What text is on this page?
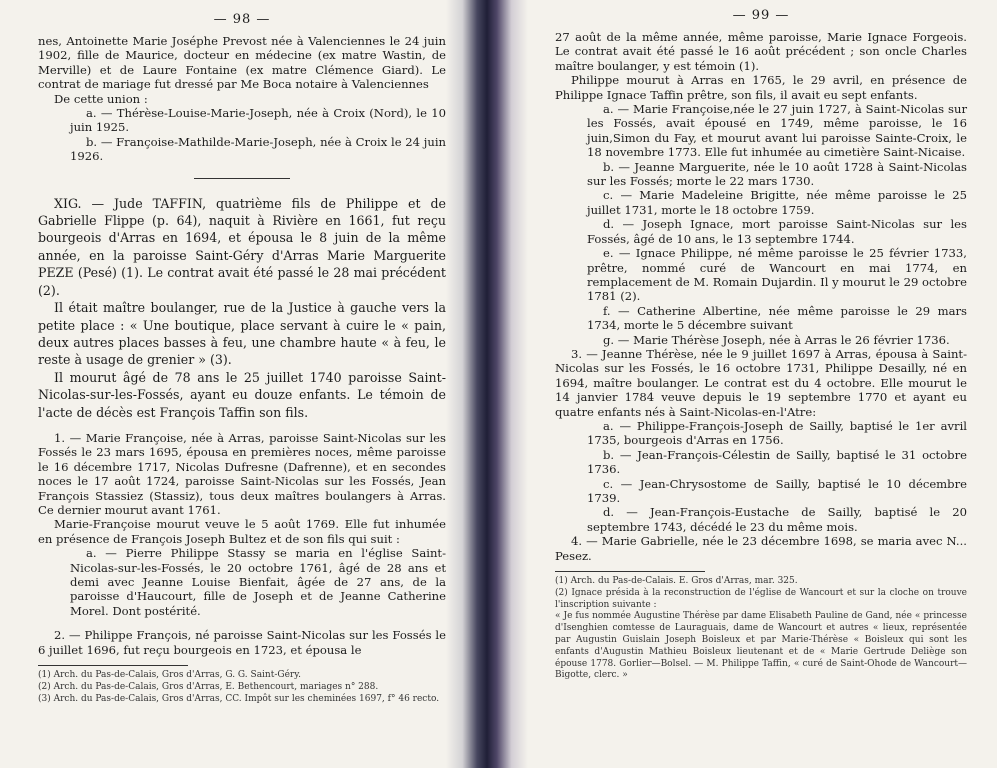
— 98 —

nes, Antoinette Marie Joséphe Prevost née à Valenciennes le 24 juin 1902, fille de Maurice, docteur en médecine (ex matre Wastin, de Merville) et de Laure Fontaine (ex matre Clémence Giard). Le contrat de mariage fut dressé par Me Boca notaire à Valenciennes

De cette union :

a. — Thérèse-Louise-Marie-Joseph, née à Croix (Nord), le 10 juin 1925.

b. — Françoise-Mathilde-Marie-Joseph, née à Croix le 24 juin 1926.

XIG. — Jude TAFFIN, quatrième fils de Philippe et de Gabrielle Flippe (p. 64), naquit à Rivière en 1661, fut reçu bourgeois d'Arras en 1694, et épousa le 8 juin de la même année, en la paroisse Saint-Géry d'Arras Marie Marguerite PEZE (Pesé) (1). Le contrat avait été passé le 28 mai précédent (2).

Il était maître boulanger, rue de la Justice à gauche vers la petite place : « Une boutique, place servant à cuire le « pain, deux autres places basses à feu, une chambre haute « à feu, le reste à usage de grenier » (3).

Il mourut âgé de 78 ans le 25 juillet 1740 paroisse Saint-Nicolas-sur-les-Fossés, ayant eu douze enfants. Le témoin de l'acte de décès est François Taffin son fils.

1. — Marie Françoise, née à Arras, paroisse Saint-Nicolas sur les Fossés le 23 mars 1695, épousa en premières noces, même paroisse le 16 décembre 1717, Nicolas Dufresne (Dafrenne), et en secondes noces le 17 août 1724, paroisse Saint-Nicolas sur les Fossés, Jean François Stassiez (Stassiz), tous deux maîtres boulangers à Arras. Ce dernier mourut avant 1761.

Marie-Françoise mourut veuve le 5 août 1769. Elle fut inhumée en présence de François Joseph Bultez et de son fils qui suit :

a. — Pierre Philippe Stassy se maria en l'église Saint-Nicolas-sur-les-Fossés, le 20 octobre 1761, âgé de 28 ans et demi avec Jeanne Louise Bienfait, âgée de 27 ans, de la paroisse d'Haucourt, fille de Joseph et de Jeanne Catherine Morel. Dont postérité.

2. — Philippe François, né paroisse Saint-Nicolas sur les Fossés le 6 juillet 1696, fut reçu bourgeois en 1723, et épousa le

(1) Arch. du Pas-de-Calais, Gros d'Arras, G. G. Saint-Géry.

(2) Arch. du Pas-de-Calais, Gros d'Arras, E. Bethencourt, mariages n° 288.

(3) Arch. du Pas-de-Calais, Gros d'Arras, CC. Impôt sur les cheminées 1697, f° 46 recto.

— 99 —

27 août de la même année, même paroisse, Marie Ignace Forgeois. Le contrat avait été passé le 16 août précédent ; son oncle Charles maître boulanger, y est témoin (1).

Philippe mourut à Arras en 1765, le 29 avril, en présence de Philippe Ignace Taffin prêtre, son fils, il avait eu sept enfants.

a. — Marie Françoise,née le 27 juin 1727, à Saint-Nicolas sur les Fossés, avait épousé en 1749, même paroisse, le 16 juin,Simon du Fay, et mourut avant lui paroisse Sainte-Croix, le 18 novembre 1773. Elle fut inhumée au cimetière Saint-Nicaise.

b. — Jeanne Marguerite, née le 10 août 1728 à Saint-Nicolas sur les Fossés; morte le 22 mars 1730.

c. — Marie Madeleine Brigitte, née même paroisse le 25 juillet 1731, morte le 18 octobre 1759.

d. — Joseph Ignace, mort paroisse Saint-Nicolas sur les Fossés, âgé de 10 ans, le 13 septembre 1744.

e. — Ignace Philippe, né même paroisse le 25 février 1733, prêtre, nommé curé de Wancourt en mai 1774, en remplacement de M. Romain Dujardin. Il y mourut le 29 octobre 1781 (2).

f. — Catherine Albertine, née même paroisse le 29 mars 1734, morte le 5 décembre suivant

g. — Marie Thérèse Joseph, née à Arras le 26 février 1736.

3. — Jeanne Thérèse, née le 9 juillet 1697 à Arras, épousa à Saint-Nicolas sur les Fossés, le 16 octobre 1731, Philippe Desailly, né en 1694, maître boulanger. Le contrat est du 4 octobre. Elle mourut le 14 janvier 1784 veuve depuis le 19 septembre 1770 et ayant eu quatre enfants nés à Saint-Nicolas-en-l'Atre:

a. — Philippe-François-Joseph de Sailly, baptisé le 1er avril 1735, bourgeois d'Arras en 1756.

b. — Jean-François-Célestin de Sailly, baptisé le 31 octobre 1736.

c. — Jean-Chrysostome de Sailly, baptisé le 10 décembre 1739.

d. — Jean-François-Eustache de Sailly, baptisé le 20 septembre 1743, décédé le 23 du même mois.

4. — Marie Gabrielle, née le 23 décembre 1698, se maria avec N... Pesez.

(1) Arch. du Pas-de-Calais. E. Gros d'Arras, mar. 325.

(2) Ignace présida à la reconstruction de l'église de Wancourt et sur la cloche on trouve l'inscription suivante :

« Je fus nommée Augustine Thérèse par dame Elisabeth Pauline de Gand, née « princesse d'Isenghien comtesse de Lauraguais, dame de Wancourt et autres « lieux, représentée par Augustin Guislain Joseph Boisleux et par Marie-Thérèse « Boisleux qui sont les enfants d'Augustin Mathieu Boisleux lieutenant et de « Marie Gertrude Deliège son épouse 1778. Gorlier—Bolsel. — M. Philippe Taffin, « curé de Saint-Ohode de Wancourt—Bigotte, clerc. »
